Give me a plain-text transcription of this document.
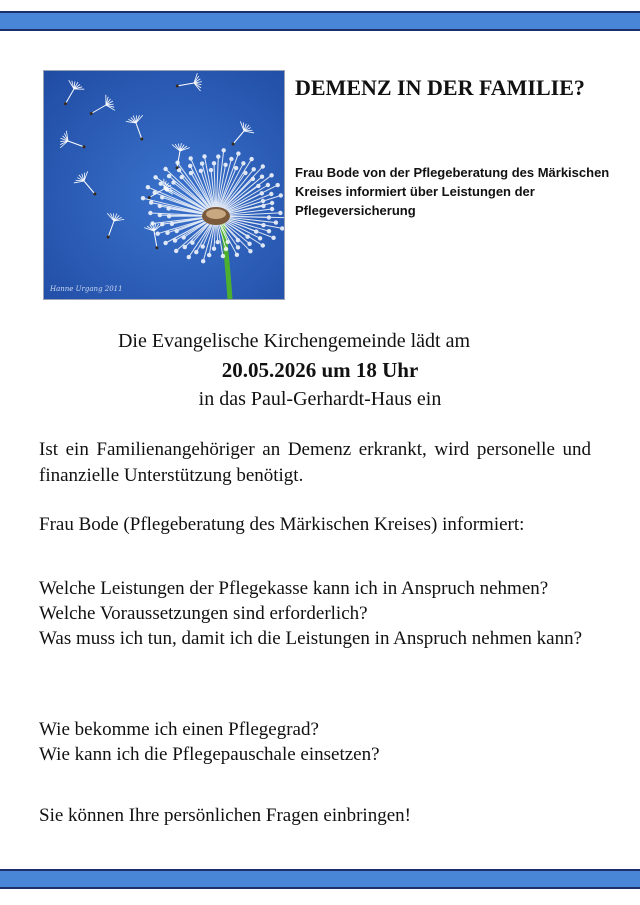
Hanne Urgang 2011
DEMENZ IN DER FAMILIE?

Frau Bode von der Pflegeberatung des Märkischen Kreises informiert über Leistungen der Pflegeversicherung

Die Evangelische Kirchengemeinde lädt am
20.05.2026 um 18 Uhr
in das Paul-Gerhardt-Haus ein

Ist ein Familienangehöriger an Demenz erkrankt, wird personelle und finanzielle Unterstützung benötigt.

Frau Bode (Pflegeberatung des Märkischen Kreises) informiert:

Welche Leistungen der Pflegekasse kann ich in Anspruch nehmen?
Welche Voraussetzungen sind erforderlich?
Was muss ich tun, damit ich die Leistungen in Anspruch nehmen kann?

Wie bekomme ich einen Pflegegrad?
Wie kann ich die Pflegepauschale einsetzen?

Sie können Ihre persönlichen Fragen einbringen!
